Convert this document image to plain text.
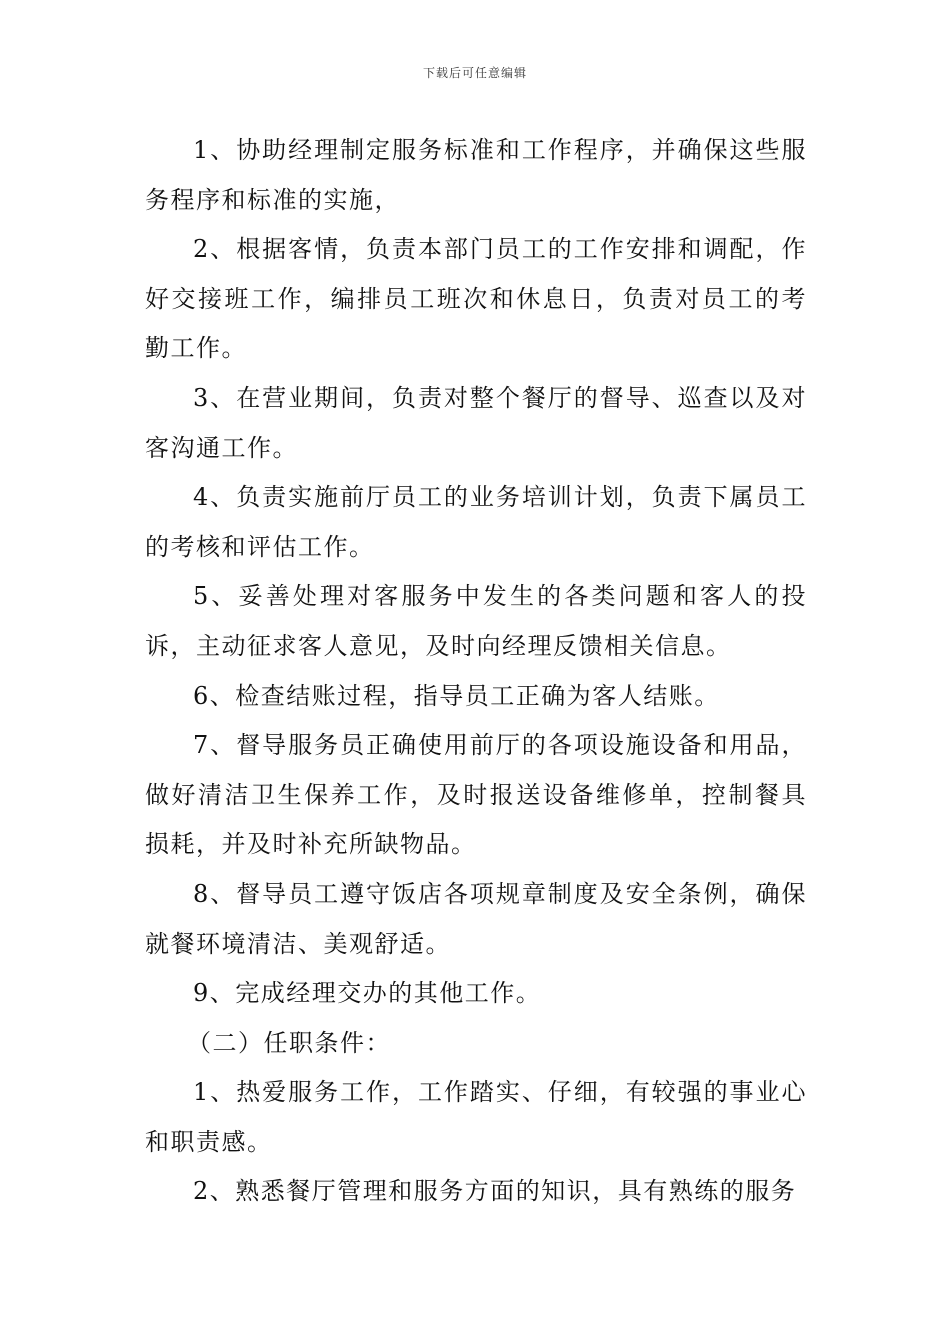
下载后可任意编辑

1、协助经理制定服务标准和工作程序，并确保这些服务程序和标准的实施，

2、根据客情，负责本部门员工的工作安排和调配，作好交接班工作，编排员工班次和休息日，负责对员工的考勤工作。

3、在营业期间，负责对整个餐厅的督导、巡查以及对客沟通工作。

4、负责实施前厅员工的业务培训计划，负责下属员工的考核和评估工作。

5、妥善处理对客服务中发生的各类问题和客人的投诉，主动征求客人意见，及时向经理反馈相关信息。

6、检查结账过程，指导员工正确为客人结账。

7、督导服务员正确使用前厅的各项设施设备和用品，做好清洁卫生保养工作，及时报送设备维修单，控制餐具损耗，并及时补充所缺物品。

8、督导员工遵守饭店各项规章制度及安全条例，确保就餐环境清洁、美观舒适。

9、完成经理交办的其他工作。

（二）任职条件：

1、热爱服务工作，工作踏实、仔细，有较强的事业心和职责感。

2、熟悉餐厅管理和服务方面的知识，具有熟练的服务
